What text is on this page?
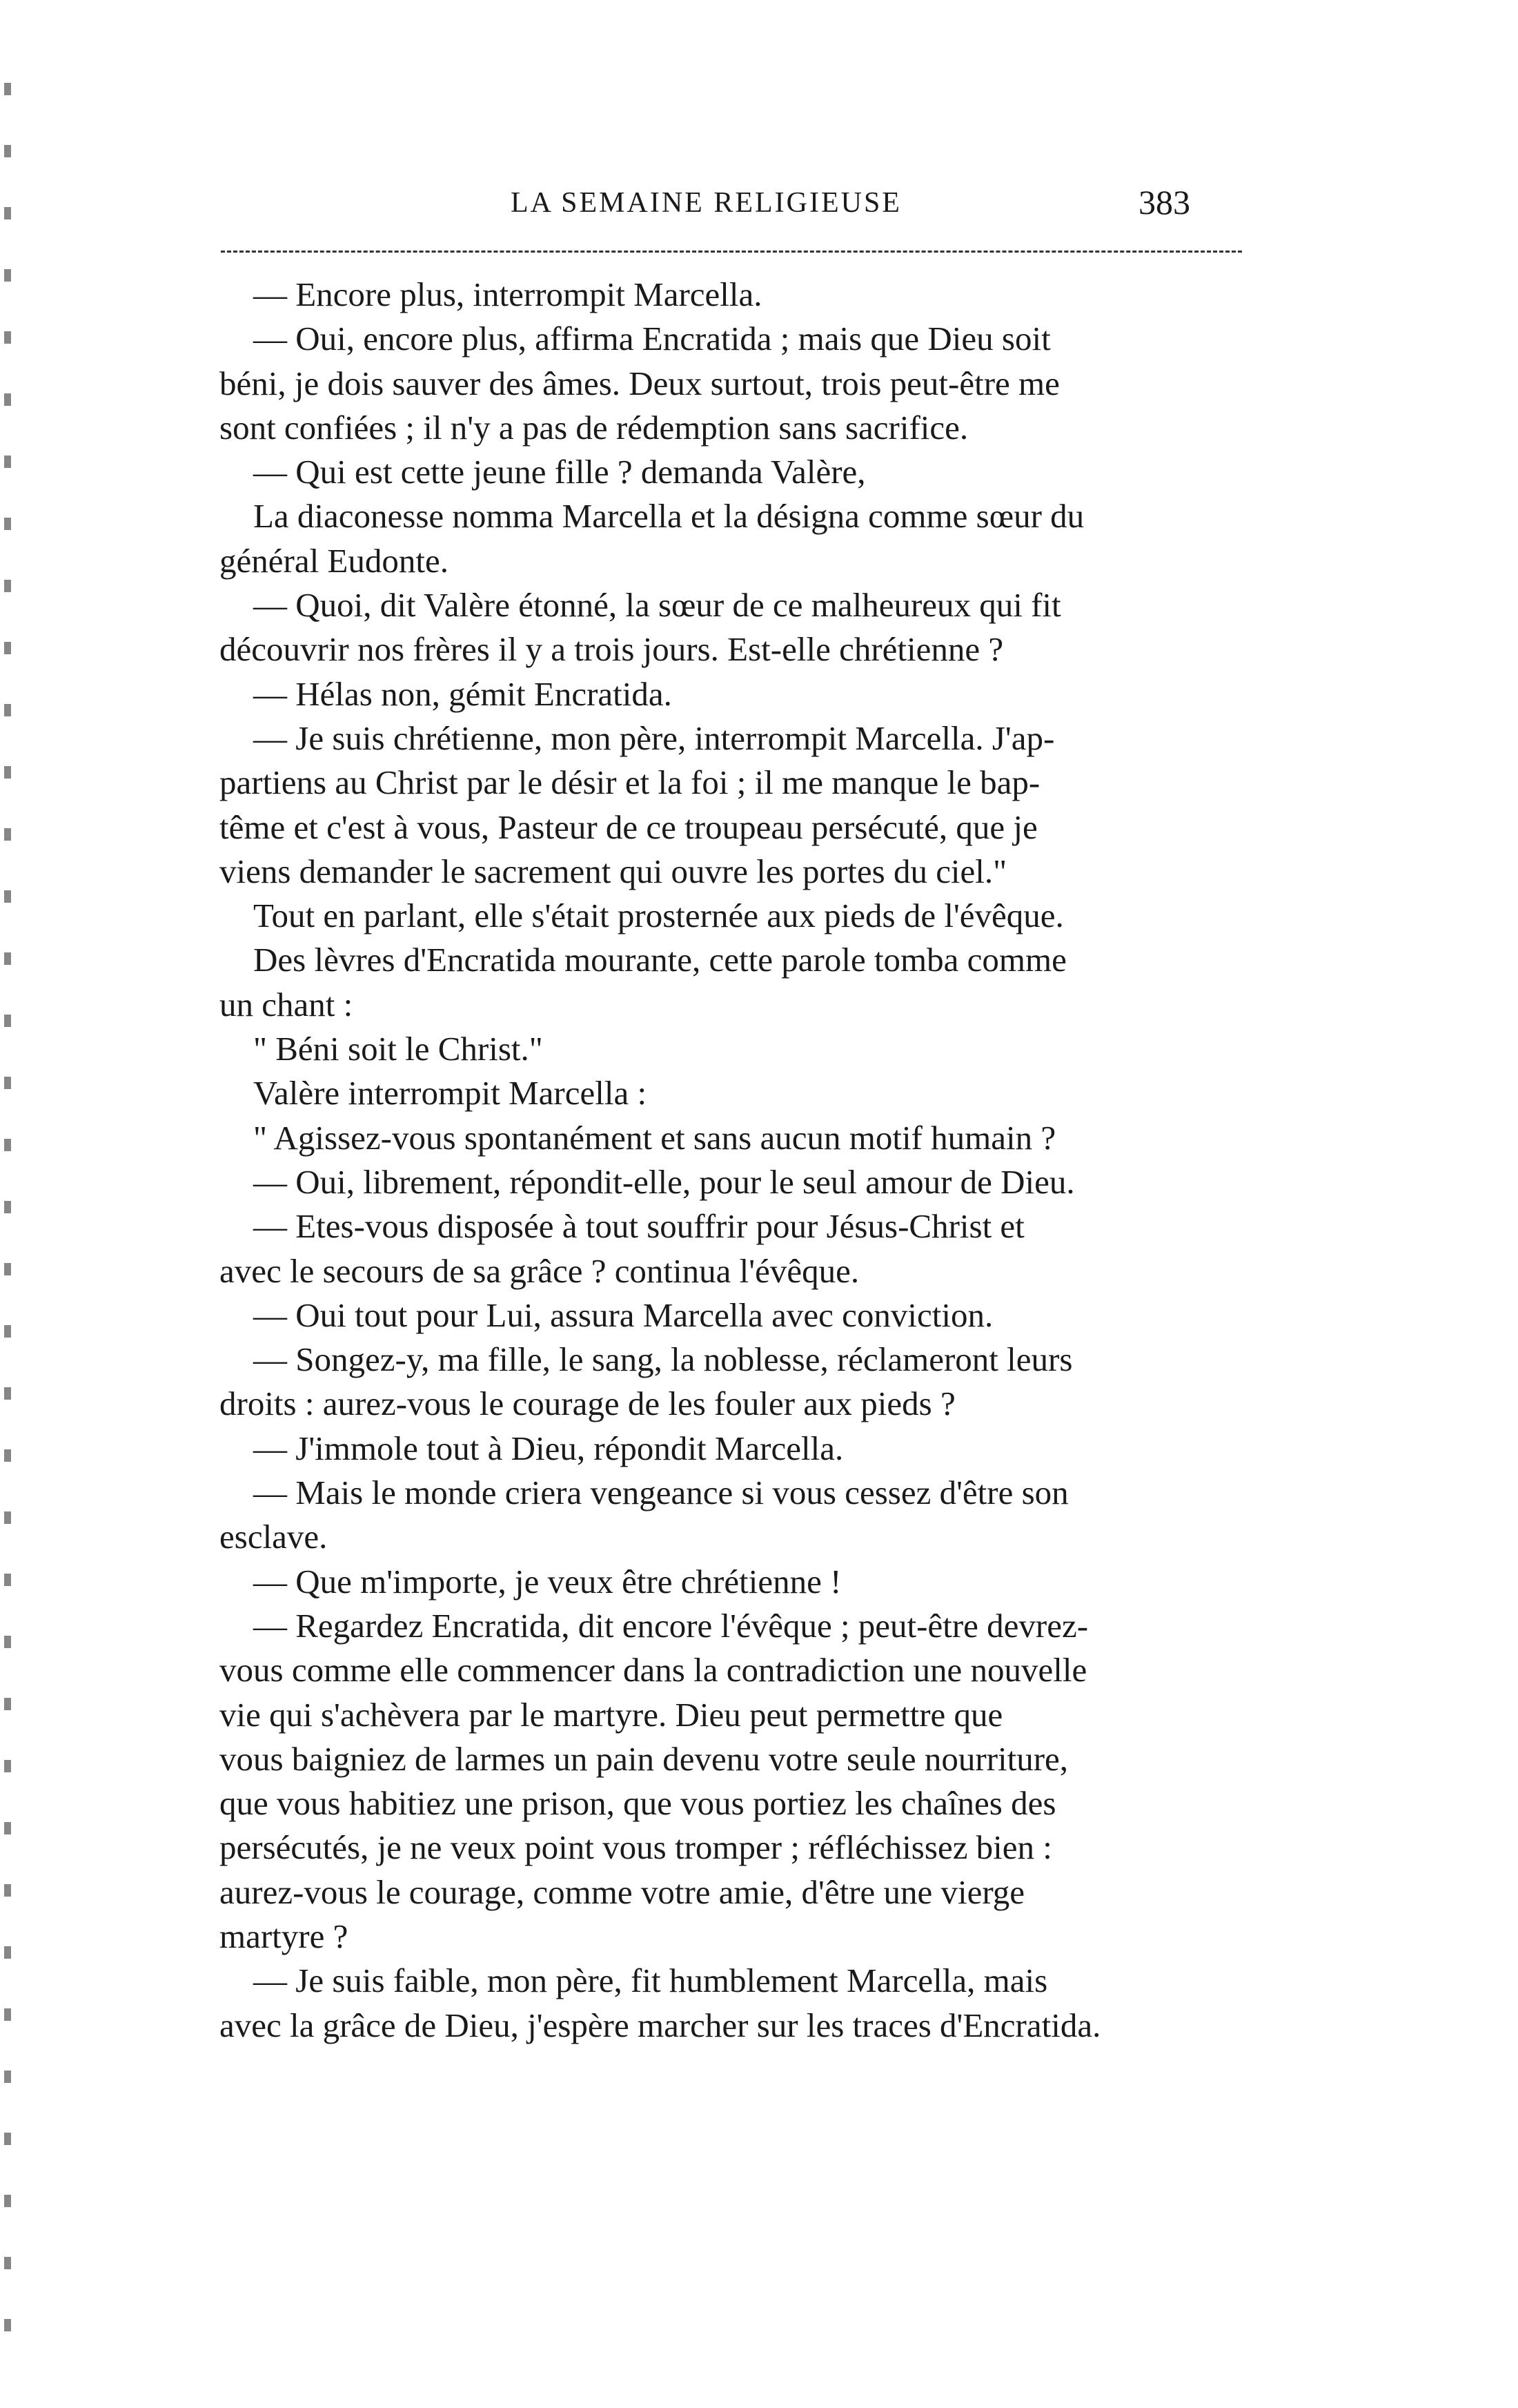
LA SEMAINE RELIGIEUSE	383
— Encore plus, interrompit Marcella.
— Oui, encore plus, affirma Encratida ; mais que Dieu soit
béni, je dois sauver des âmes. Deux surtout, trois peut-être me
sont confiées ; il n'y a pas de rédemption sans sacrifice.
— Qui est cette jeune fille ? demanda Valère,
La diaconesse nomma Marcella et la désigna comme sœur du
général Eudonte.
— Quoi, dit Valère étonné, la sœur de ce malheureux qui fit
découvrir nos frères il y a trois jours. Est-elle chrétienne ?
— Hélas non, gémit Encratida.
— Je suis chrétienne, mon père, interrompit Marcella. J'ap-
partiens au Christ par le désir et la foi ; il me manque le bap-
tême et c'est à vous, Pasteur de ce troupeau persécuté, que je
viens demander le sacrement qui ouvre les portes du ciel."
Tout en parlant, elle s'était prosternée aux pieds de l'évêque.
Des lèvres d'Encratida mourante, cette parole tomba comme
un chant :
" Béni soit le Christ."
Valère interrompit Marcella :
" Agissez-vous spontanément et sans aucun motif humain ?
— Oui, librement, répondit-elle, pour le seul amour de Dieu.
— Etes-vous disposée à tout souffrir pour Jésus-Christ et
avec le secours de sa grâce ? continua l'évêque.
— Oui tout pour Lui, assura Marcella avec conviction.
— Songez-y, ma fille, le sang, la noblesse, réclameront leurs
droits : aurez-vous le courage de les fouler aux pieds ?
— J'immole tout à Dieu, répondit Marcella.
— Mais le monde criera vengeance si vous cessez d'être son
esclave.
— Que m'importe, je veux être chrétienne !
— Regardez Encratida, dit encore l'évêque ; peut-être devrez-
vous comme elle commencer dans la contradiction une nouvelle
vie qui s'achèvera par le martyre. Dieu peut permettre que
vous baigniez de larmes un pain devenu votre seule nourriture,
que vous habitiez une prison, que vous portiez les chaînes des
persécutés, je ne veux point vous tromper ; réfléchissez bien :
aurez-vous le courage, comme votre amie, d'être une vierge
martyre ?
— Je suis faible, mon père, fit humblement Marcella, mais
avec la grâce de Dieu, j'espère marcher sur les traces d'Encratida.
